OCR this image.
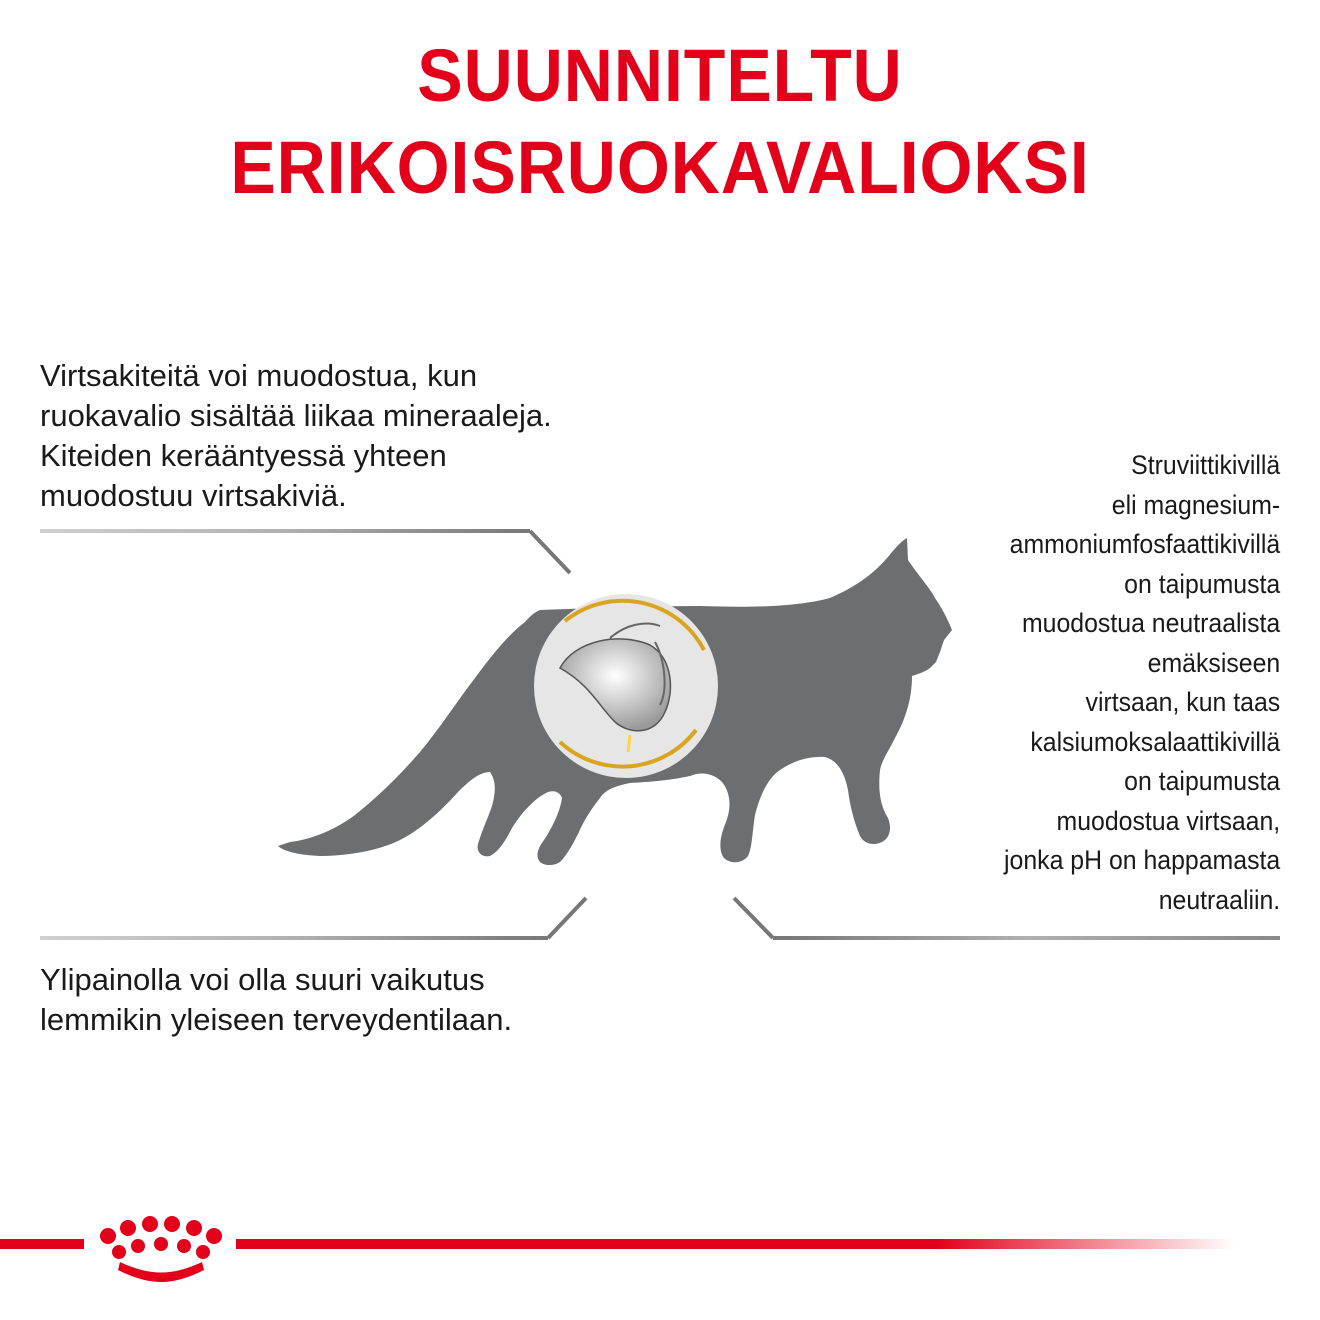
SUUNNITELTU
ERIKOISRUOKAVALIOKSI
Virtsakiteitä voi muodostua, kun
ruokavalio sisältää liikaa mineraaleja.
Kiteiden kerääntyessä yhteen
muodostuu virtsakiviä.
Struviittikivillä
eli magnesium-
ammoniumfosfaattikivillä
on taipumusta
muodostua neutraalista
emäksiseen
virtsaan, kun taas
kalsiumoksalaattikivillä
on taipumusta
muodostua virtsaan,
jonka pH on happamasta
neutraaliin.
Ylipainolla voi olla suuri vaikutus
lemmikin yleiseen terveydentilaan.
